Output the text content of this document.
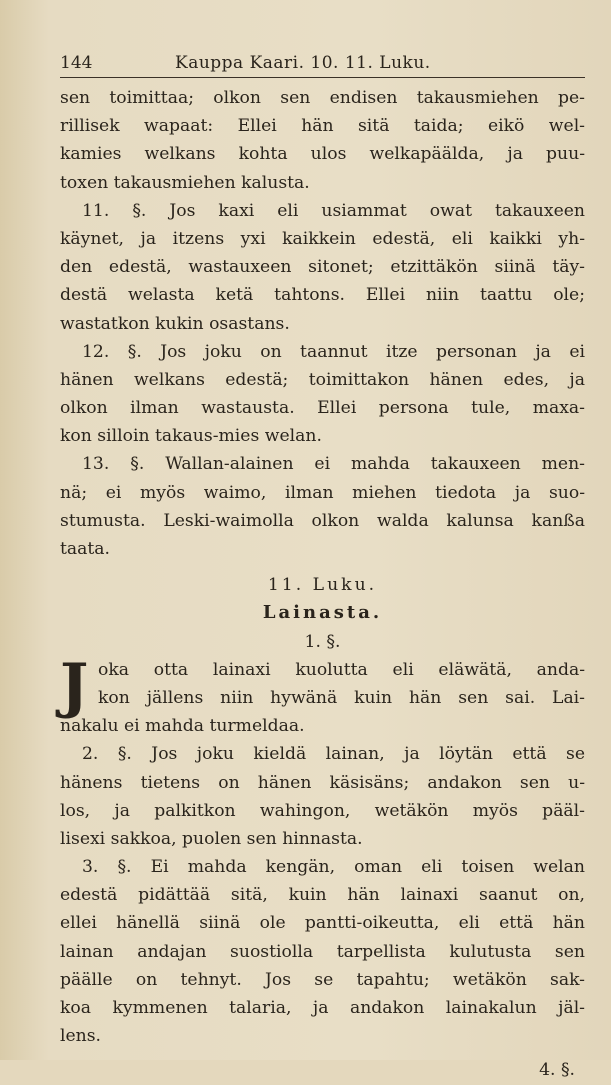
144	Kauppa Kaari. 10. 11. Luku.
sen toimittaa; olkon sen endisen takausmiehen pe-
rillisek wapaat: Ellei hän sitä taida; eikö wel-
kamies welkans kohta ulos welkapäälda, ja puu-
toxen takausmiehen kalusta.
11. §. Jos kaxi eli usiammat owat takauxeen
käynet, ja itzens yxi kaikkein edestä, eli kaikki yh-
den edestä, wastauxeen sitonet; etzittäkön siinä täy-
destä welasta ketä tahtons. Ellei niin taattu ole;
wastatkon kukin osastans.
12. §. Jos joku on taannut itze personan ja ei
hänen welkans edestä; toimittakon hänen edes, ja
olkon ilman wastausta. Ellei persona tule, maxa-
kon silloin takaus-mies welan.
13. §. Wallan-alainen ei mahda takauxeen men-
nä; ei myös waimo, ilman miehen tiedota ja suo-
stumusta. Leski-waimolla olkon walda kalunsa kanßa
taata.
11. Luku.
Lainasta.
1. §.
J oka otta lainaxi kuolutta eli eläwätä, anda-
kon jällens niin hywänä kuin hän sen sai. Lai-
nakalu ei mahda turmeldaa.
2. §. Jos joku kieldä lainan, ja löytän että se
hänens tietens on hänen käsisäns; andakon sen u-
los, ja palkitkon wahingon, wetäkön myös pääl-
lisexi sakkoa, puolen sen hinnasta.
3. §. Ei mahda kengän, oman eli toisen welan
edestä pidättää sitä, kuin hän lainaxi saanut on,
ellei hänellä siinä ole pantti-oikeutta, eli että hän
lainan andajan suostiolla tarpellista kulutusta sen
päälle on tehnyt. Jos se tapahtu; wetäkön sak-
koa kymmenen talaria, ja andakon lainakalun jäl-
lens.
4. §.
